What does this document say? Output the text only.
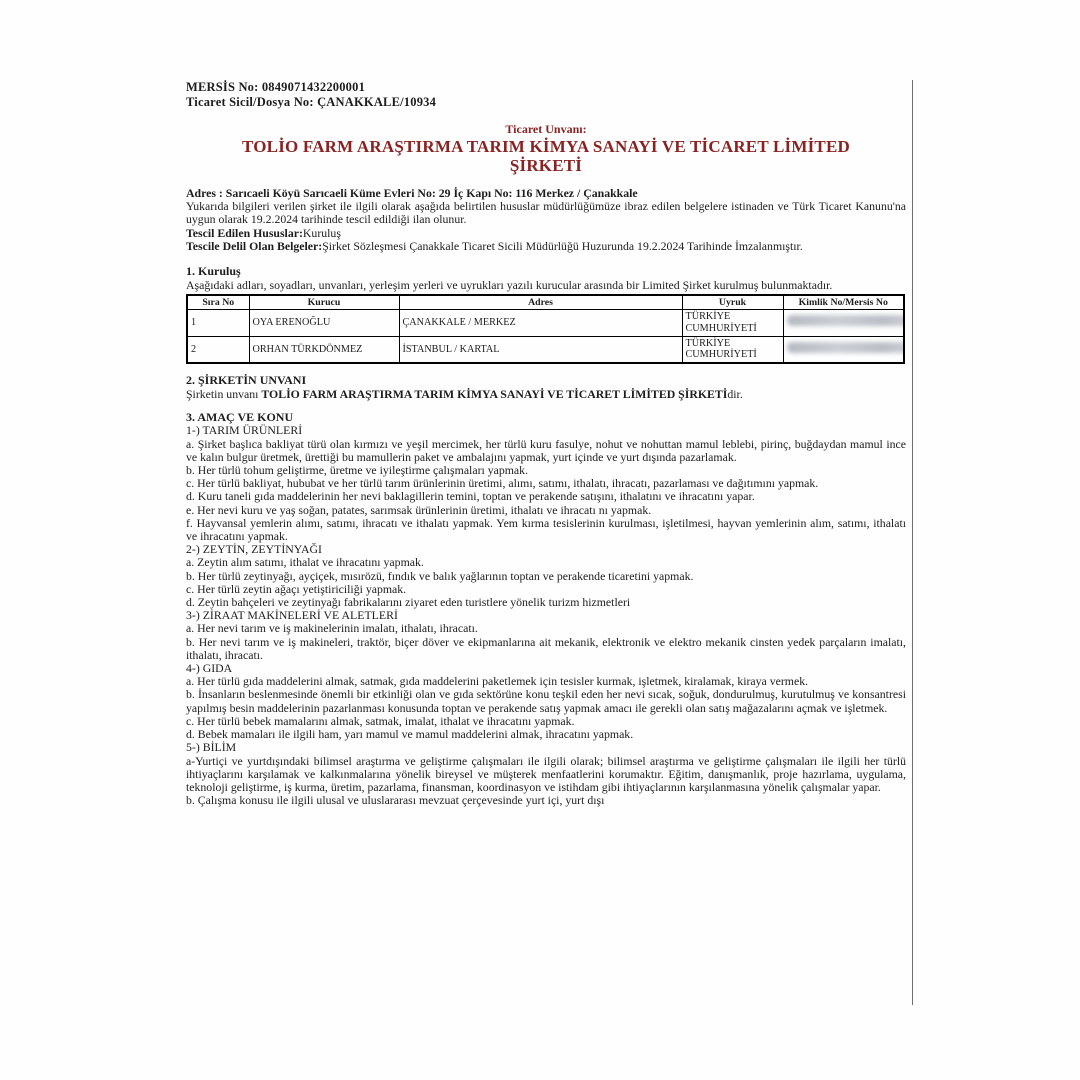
MERSİS No: 0849071432200001
Ticaret Sicil/Dosya No: ÇANAKKALE/10934
Ticaret Unvanı:
TOLİO FARM ARAŞTIRMA TARIM KİMYA SANAYİ VE TİCARET LİMİTED ŞİRKETİ

Adres : Sarıcaeli Köyü Sarıcaeli Küme Evleri No: 29 İç Kapı No: 116 Merkez / Çanakkale

Yukarıda bilgileri verilen şirket ile ilgili olarak aşağıda belirtilen hususlar müdürlüğümüze ibraz edilen belgelere istinaden ve Türk Ticaret Kanunu'na uygun olarak 19.2.2024 tarihinde tescil edildiği ilan olunur.

Tescil Edilen Hususlar:Kuruluş

Tescile Delil Olan Belgeler:Şirket Sözleşmesi Çanakkale Ticaret Sicili Müdürlüğü Huzurunda 19.2.2024 Tarihinde İmzalanmıştır.

1. Kuruluş

Aşağıdaki adları, soyadları, unvanları, yerleşim yerleri ve uyrukları yazılı kurucular arasında bir Limited Şirket kurulmuş bulunmaktadır.

Sıra No	Kurucu	Adres	Uyruk	Kimlik No/Mersis No
1	OYA ERENOĞLU	ÇANAKKALE / MERKEZ	TÜRKİYE CUMHURİYETİ	
2	ORHAN TÜRKDÖNMEZ	İSTANBUL / KARTAL	TÜRKİYE CUMHURİYETİ	
2. ŞİRKETİN UNVANI

Şirketin unvanı TOLİO FARM ARAŞTIRMA TARIM KİMYA SANAYİ VE TİCARET LİMİTED ŞİRKETİdir.

3. AMAÇ VE KONU

1-) TARIM ÜRÜNLERİ

a. Şirket başlıca bakliyat türü olan kırmızı ve yeşil mercimek, her türlü kuru fasulye, nohut ve nohuttan mamul leblebi, pirinç, buğdaydan mamul ince ve kalın bulgur üretmek, ürettiği bu mamullerin paket ve ambalajını yapmak, yurt içinde ve yurt dışında pazarlamak.

b. Her türlü tohum geliştirme, üretme ve iyileştirme çalışmaları yapmak.

c. Her türlü bakliyat, hububat ve her türlü tarım ürünlerinin üretimi, alımı, satımı, ithalatı, ihracatı, pazarlaması ve dağıtımını yapmak.

d. Kuru taneli gıda maddelerinin her nevi baklagillerin temini, toptan ve perakende satışını, ithalatını ve ihracatını yapar.

e. Her nevi kuru ve yaş soğan, patates, sarımsak ürünlerinin üretimi, ithalatı ve ihracatı nı yapmak.

f. Hayvansal yemlerin alımı, satımı, ihracatı ve ithalatı yapmak. Yem kırma tesislerinin kurulması, işletilmesi, hayvan yemlerinin alım, satımı, ithalatı ve ihracatını yapmak.

2-) ZEYTİN, ZEYTİNYAĞI

a. Zeytin alım satımı, ithalat ve ihracatını yapmak.

b. Her türlü zeytinyağı, ayçiçek, mısırözü, fındık ve balık yağlarının toptan ve perakende ticaretini yapmak.

c. Her türlü zeytin ağaçı yetiştiriciliği yapmak.

d. Zeytin bahçeleri ve zeytinyağı fabrikalarını ziyaret eden turistlere yönelik turizm hizmetleri

3-) ZİRAAT MAKİNELERİ VE ALETLERİ

a. Her nevi tarım ve iş makinelerinin imalatı, ithalatı, ihracatı.

b. Her nevi tarım ve iş makineleri, traktör, biçer döver ve ekipmanlarına ait mekanik, elektronik ve elektro mekanik cinsten yedek parçaların imalatı, ithalatı, ihracatı.

4-) GIDA

a. Her türlü gıda maddelerini almak, satmak, gıda maddelerini paketlemek için tesisler kurmak, işletmek, kiralamak, kiraya vermek.

b. İnsanların beslenmesinde önemli bir etkinliği olan ve gıda sektörüne konu teşkil eden her nevi sıcak, soğuk, dondurulmuş, kurutulmuş ve konsantresi yapılmış besin maddelerinin pazarlanması konusunda toptan ve perakende satış yapmak amacı ile gerekli olan satış mağazalarını açmak ve işletmek.

c. Her türlü bebek mamalarını almak, satmak, imalat, ithalat ve ihracatını yapmak.

d. Bebek mamaları ile ilgili ham, yarı mamul ve mamul maddelerini almak, ihracatını yapmak.

5-) BİLİM

a-Yurtiçi ve yurtdışındaki bilimsel araştırma ve geliştirme çalışmaları ile ilgili olarak; bilimsel araştırma ve geliştirme çalışmaları ile ilgili her türlü ihtiyaçlarını karşılamak ve kalkınmalarına yönelik bireysel ve müşterek menfaatlerini korumaktır. Eğitim, danışmanlık, proje hazırlama, uygulama, teknoloji geliştirme, iş kurma, üretim, pazarlama, finansman, koordinasyon ve istihdam gibi ihtiyaçlarının karşılanmasına yönelik çalışmalar yapar.

b. Çalışma konusu ile ilgili ulusal ve uluslararası mevzuat çerçevesinde yurt içi, yurt dışı
